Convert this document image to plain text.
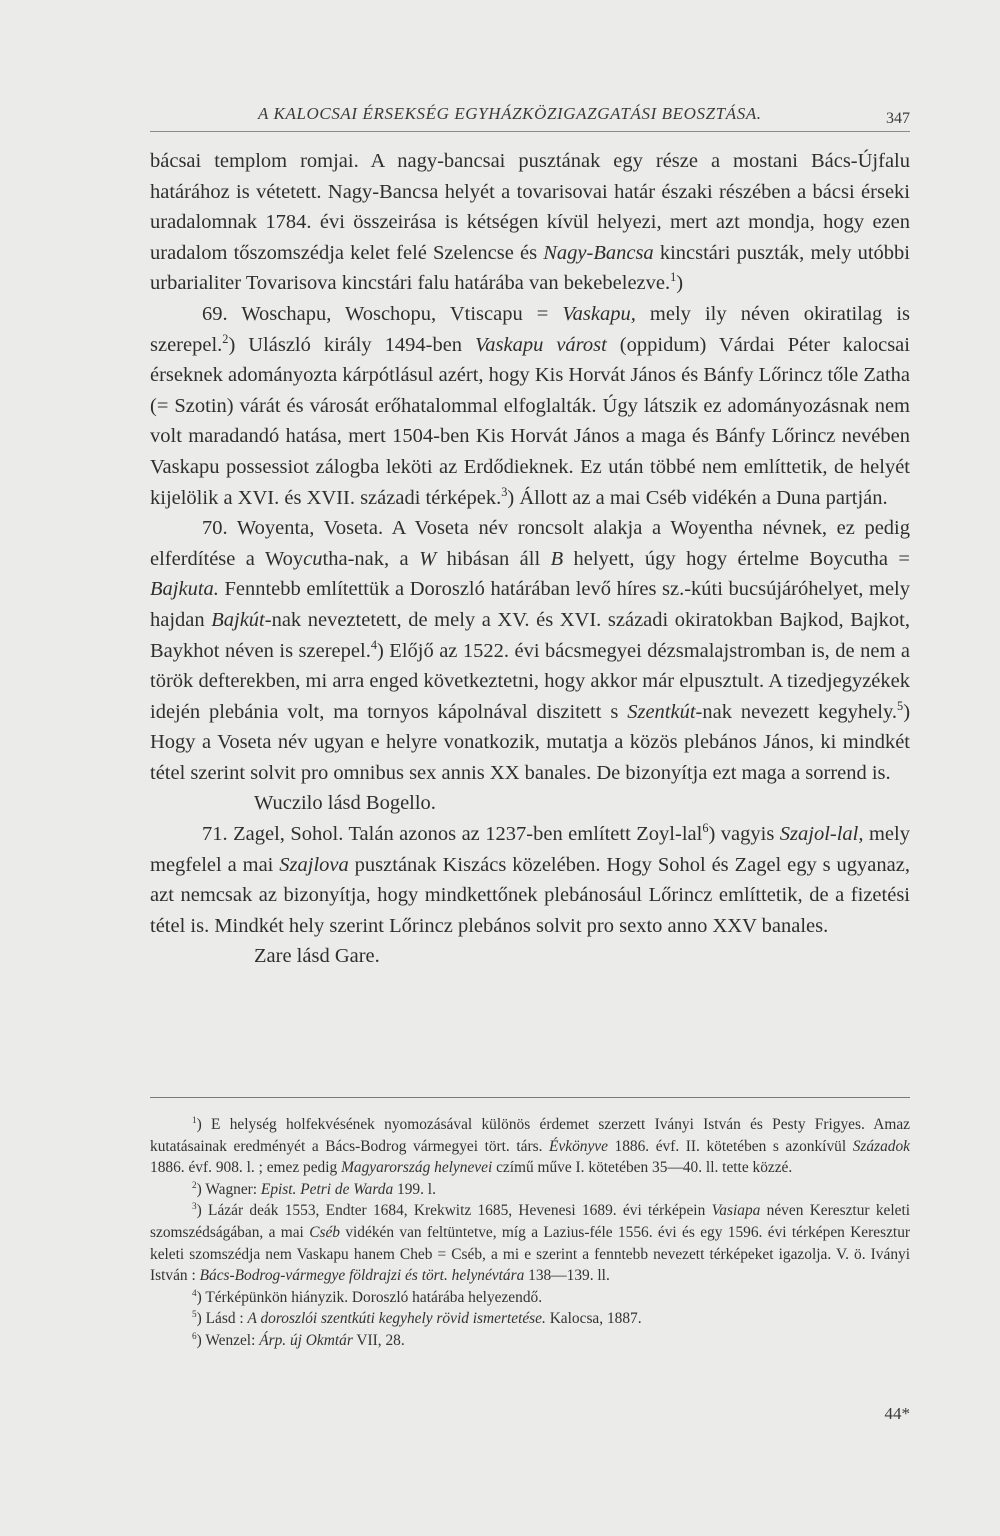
A KALOCSAI ÉRSEKSÉG EGYHÁZKÖZIGAZGATÁSI BEOSZTÁSA.	347

bácsai templom romjai. A nagy-bancsai pusztának egy része a mostani Bács-Újfalu határához is vétetett. Nagy-Bancsa helyét a tovarisovai határ északi részében a bácsi érseki uradalomnak 1784. évi összeirása is kétségen kívül helyezi, mert azt mondja, hogy ezen uradalom tőszomszédja kelet felé Szelencse és Nagy-Bancsa kincstári puszták, mely utóbbi urbarialiter Tovarisova kincstári falu határába van bekebelezve.$^1$)

69. Woschapu, Woschopu, Vtiscapu = Vaskapu, mely ily néven okiratilag is szerepel.$^2$) Ulászló király 1494-ben Vaskapu várost (oppidum) Várdai Péter kalocsai érseknek adományozta kárpótlásul azért, hogy Kis Horvát János és Bánfy Lőrincz tőle Zatha (= Szotin) várát és városát erőhatalommal elfoglalták. Úgy látszik ez adományozásnak nem volt maradandó hatása, mert 1504-ben Kis Horvát János a maga és Bánfy Lőrincz nevében Vaskapu possessiot zálogba leköti az Erdődieknek. Ez után többé nem említtetik, de helyét kijelölik a XVI. és XVII. századi térképek.$^3$) Állott az a mai Cséb vidékén a Duna partján.

70. Woyenta, Voseta. A Voseta név roncsolt alakja a Woyentha névnek, ez pedig elferdítése a Woycutha-nak, a W hibásan áll B helyett, úgy hogy értelme Boycutha = Bajkuta. Fenntebb említettük a Doroszló határában levő híres sz.-kúti bucsújáróhelyet, mely hajdan Bajkút-nak neveztetett, de mely a XV. és XVI. századi okiratokban Bajkod, Bajkot, Baykhot néven is szerepel.$^4$) Előjő az 1522. évi bácsmegyei dézsmalajstromban is, de nem a török defterekben, mi arra enged következtetni, hogy akkor már elpusztult. A tizedjegyzékek idején plebánia volt, ma tornyos kápolnával diszitett s Szentkút-nak nevezett kegyhely.$^5$) Hogy a Voseta név ugyan e helyre vonatkozik, mutatja a közös plebános János, ki mindkét tétel szerint solvit pro omnibus sex annis XX banales. De bizonyítja ezt maga a sorrend is.

Wuczilo lásd Bogello.

71. Zagel, Sohol. Talán azonos az 1237-ben említett Zoyl-lal$^6$) vagyis Szajol-lal, mely megfelel a mai Szajlova pusztának Kiszács közelében. Hogy Sohol és Zagel egy s ugyanaz, azt nemcsak az bizonyítja, hogy mindkettőnek plebánosául Lőrincz említtetik, de a fizetési tétel is. Mindkét hely szerint Lőrincz plebános solvit pro sexto anno XXV banales.

Zare lásd Gare.

$^1$) E helység holfekvésének nyomozásával különös érdemet szerzett Iványi István és Pesty Frigyes. Amaz kutatásainak eredményét a Bács-Bodrog vármegyei tört. társ. Évkönyve 1886. évf. II. kötetében s azonkívül Századok 1886. évf. 908. l. ; emez pedig Magyarország helynevei czímű műve I. kötetében 35—40. ll. tette közzé.

$^2$) Wagner: Epist. Petri de Warda 199. l.

$^3$) Lázár deák 1553, Endter 1684, Krekwitz 1685, Hevenesi 1689. évi térképein Vasiapa néven Keresztur keleti szomszédságában, a mai Cséb vidékén van feltüntetve, míg a Lazius-féle 1556. évi és egy 1596. évi térképen Keresztur keleti szomszédja nem Vaskapu hanem Cheb = Cséb, a mi e szerint a fenntebb nevezett térképeket igazolja. V. ö. Iványi István : Bács-Bodrog-vármegye földrajzi és tört. helynévtára 138—139. ll.

$^4$) Térképünkön hiányzik. Doroszló határába helyezendő.

$^5$) Lásd : A doroszlói szentkúti kegyhely rövid ismertetése. Kalocsa, 1887.

$^6$) Wenzel: Árp. új Okmtár VII, 28.

44*
